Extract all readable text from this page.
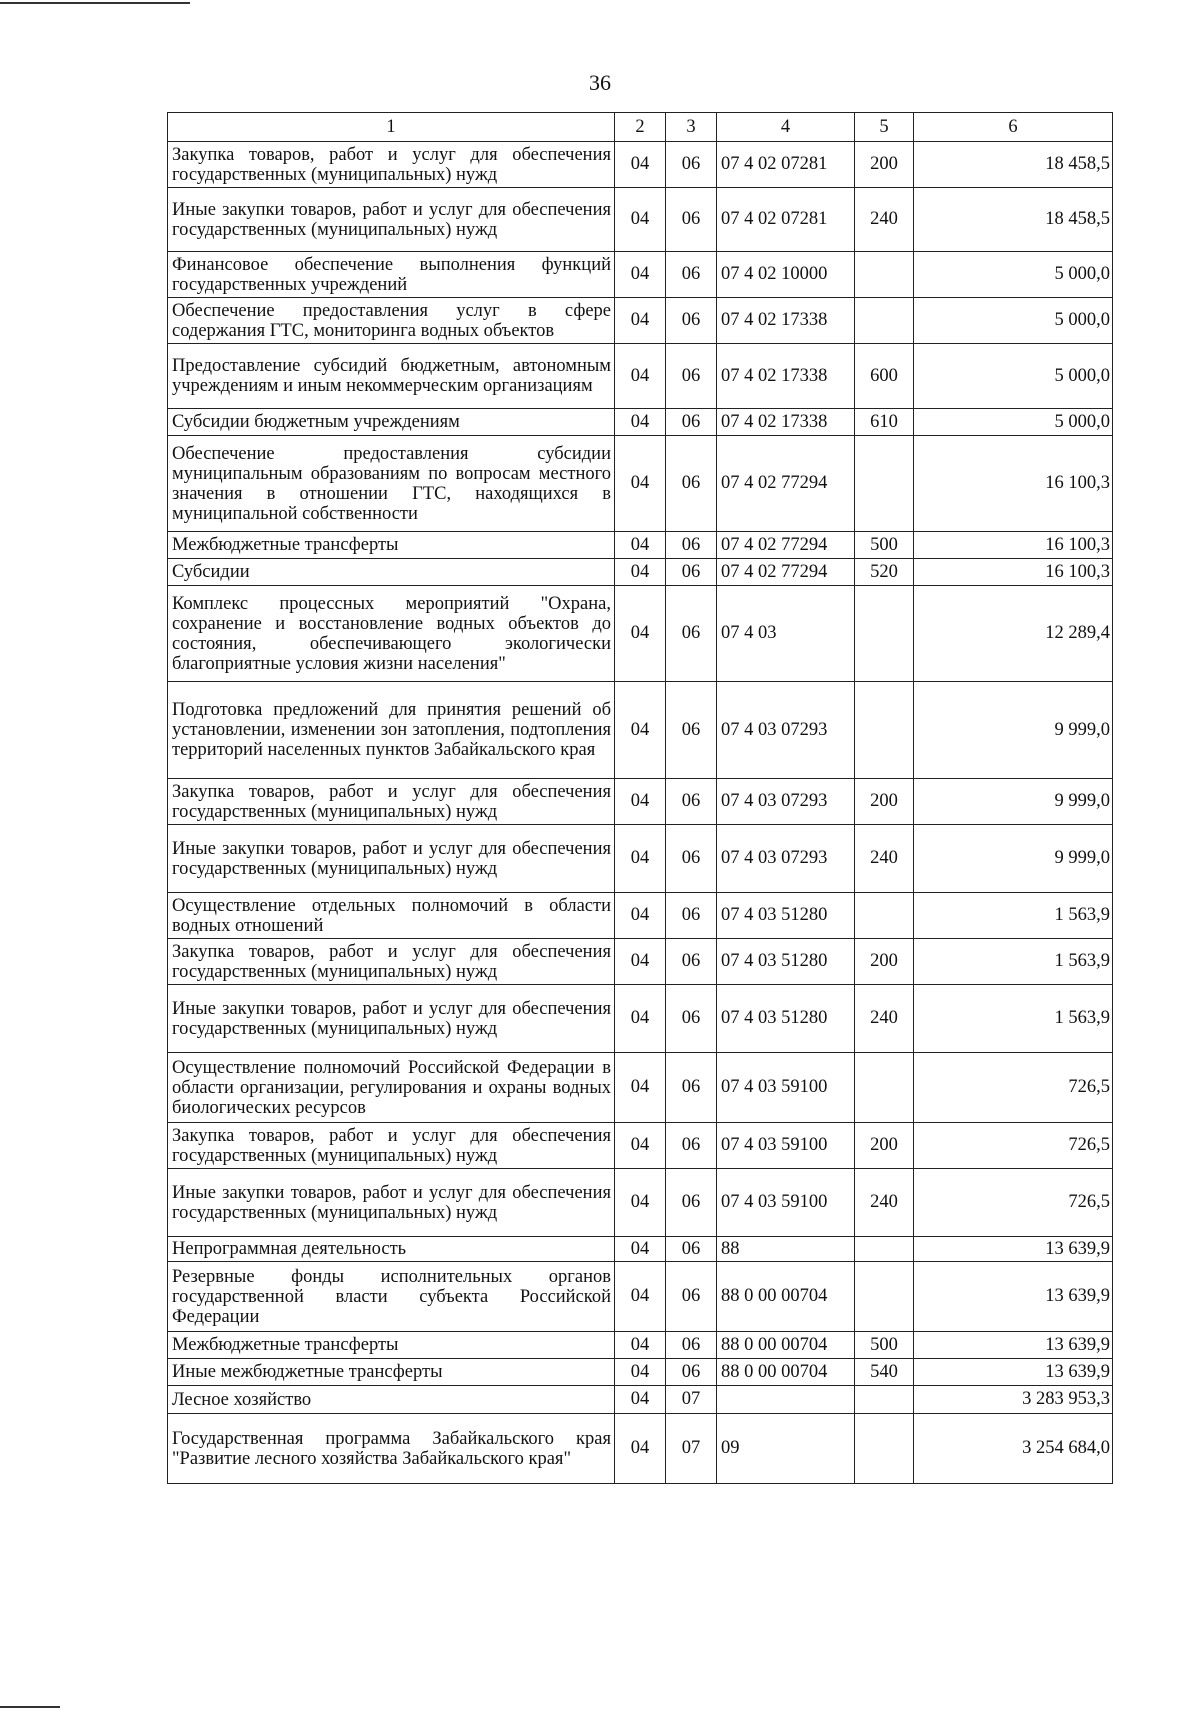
36
1	2	3	4	5	6
Закупка товаров, работ и услуг для обеспечения государственных (муниципальных) нужд	04	06	07 4 02 07281	200	18 458,5
Иные закупки товаров, работ и услуг для обеспечения государственных (муниципальных) нужд	04	06	07 4 02 07281	240	18 458,5
Финансовое обеспечение выполнения функций государственных учреждений	04	06	07 4 02 10000		5 000,0
Обеспечение предоставления услуг в сфере содержания ГТС, мониторинга водных объектов	04	06	07 4 02 17338		5 000,0
Предоставление субсидий бюджетным, автономным учреждениям и иным некоммерческим организациям	04	06	07 4 02 17338	600	5 000,0
Субсидии бюджетным учреждениям	04	06	07 4 02 17338	610	5 000,0
Обеспечение предоставления субсидии муниципальным образованиям по вопросам местного значения в отношении ГТС, находящихся в муниципальной собственности	04	06	07 4 02 77294		16 100,3
Межбюджетные трансферты	04	06	07 4 02 77294	500	16 100,3
Субсидии	04	06	07 4 02 77294	520	16 100,3
Комплекс процессных мероприятий "Охрана, сохранение и восстановление водных объектов до состояния, обеспечивающего экологически благоприятные условия жизни населения"	04	06	07 4 03		12 289,4
Подготовка предложений для принятия решений об установлении, изменении зон затопления, подтопления территорий населенных пунктов Забайкальского края	04	06	07 4 03 07293		9 999,0
Закупка товаров, работ и услуг для обеспечения государственных (муниципальных) нужд	04	06	07 4 03 07293	200	9 999,0
Иные закупки товаров, работ и услуг для обеспечения государственных (муниципальных) нужд	04	06	07 4 03 07293	240	9 999,0
Осуществление отдельных полномочий в области водных отношений	04	06	07 4 03 51280		1 563,9
Закупка товаров, работ и услуг для обеспечения государственных (муниципальных) нужд	04	06	07 4 03 51280	200	1 563,9
Иные закупки товаров, работ и услуг для обеспечения государственных (муниципальных) нужд	04	06	07 4 03 51280	240	1 563,9
Осуществление полномочий Российской Федерации в области организации, регулирования и охраны водных биологических ресурсов	04	06	07 4 03 59100		726,5
Закупка товаров, работ и услуг для обеспечения государственных (муниципальных) нужд	04	06	07 4 03 59100	200	726,5
Иные закупки товаров, работ и услуг для обеспечения государственных (муниципальных) нужд	04	06	07 4 03 59100	240	726,5
Непрограммная деятельность	04	06	88		13 639,9
Резервные фонды исполнительных органов государственной власти субъекта Российской Федерации	04	06	88 0 00 00704		13 639,9
Межбюджетные трансферты	04	06	88 0 00 00704	500	13 639,9
Иные межбюджетные трансферты	04	06	88 0 00 00704	540	13 639,9
Лесное хозяйство	04	07			3 283 953,3
Государственная программа Забайкальского края "Развитие лесного хозяйства Забайкальского края"	04	07	09		3 254 684,0
